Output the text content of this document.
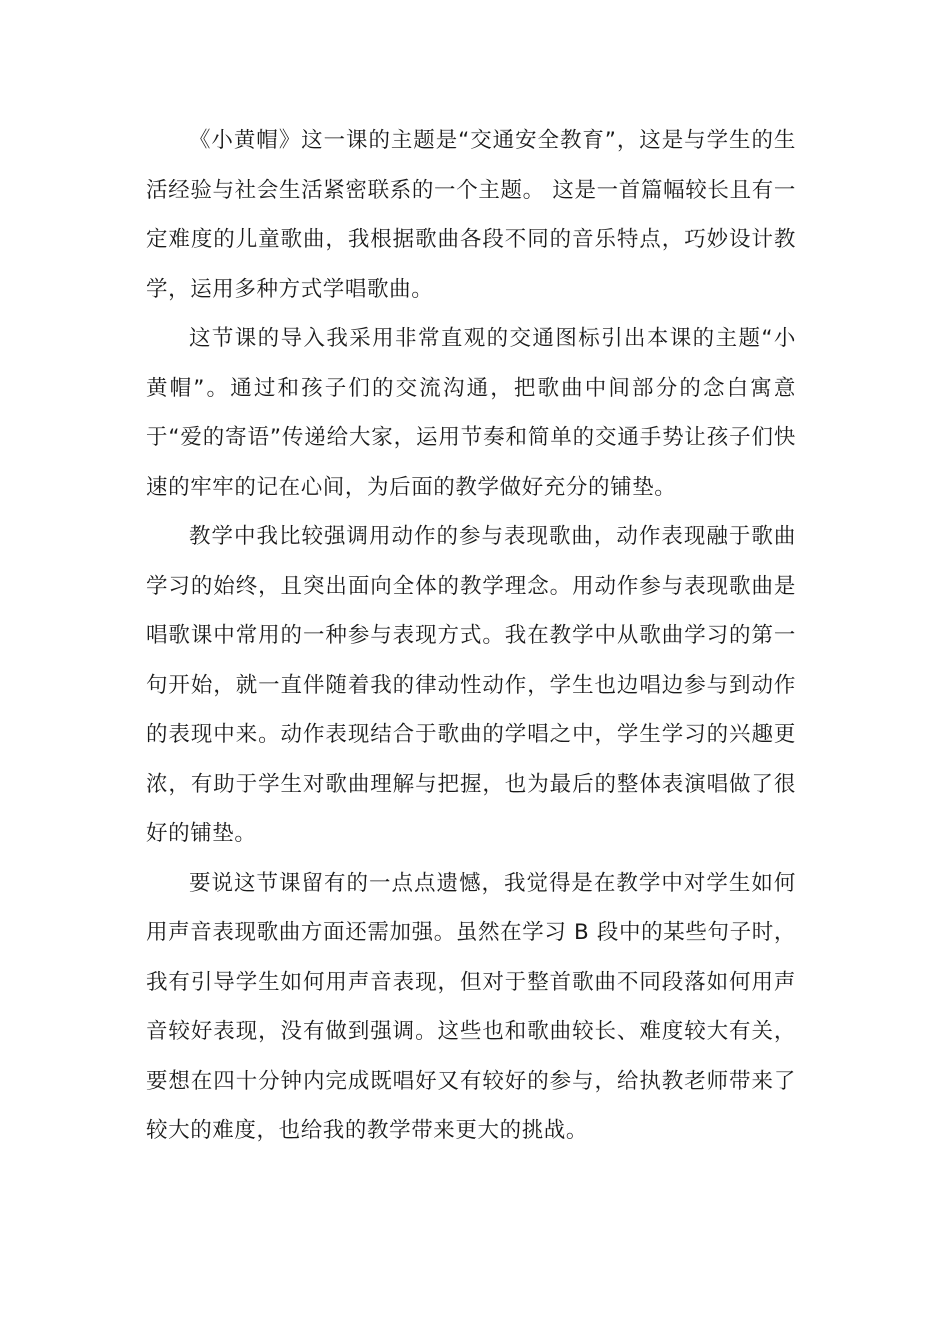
《小黄帽》这一课的主题是“交通安全教育”，这是与学生的生活经验与社会生活紧密联系的一个主题。 这是一首篇幅较长且有一定难度的儿童歌曲，我根据歌曲各段不同的音乐特点，巧妙设计教学，运用多种方式学唱歌曲。

这节课的导入我采用非常直观的交通图标引出本课的主题“小黄帽”。通过和孩子们的交流沟通，把歌曲中间部分的念白寓意于“爱的寄语”传递给大家，运用节奏和简单的交通手势让孩子们快速的牢牢的记在心间，为后面的教学做好充分的铺垫。

教学中我比较强调用动作的参与表现歌曲，动作表现融于歌曲学习的始终，且突出面向全体的教学理念。用动作参与表现歌曲是唱歌课中常用的一种参与表现方式。我在教学中从歌曲学习的第一句开始，就一直伴随着我的律动性动作，学生也边唱边参与到动作的表现中来。动作表现结合于歌曲的学唱之中，学生学习的兴趣更浓，有助于学生对歌曲理解与把握，也为最后的整体表演唱做了很好的铺垫。

要说这节课留有的一点点遗憾，我觉得是在教学中对学生如何用声音表现歌曲方面还需加强。虽然在学习 B 段中的某些句子时，我有引导学生如何用声音表现，但对于整首歌曲不同段落如何用声音较好表现，没有做到强调。这些也和歌曲较长、难度较大有关，要想在四十分钟内完成既唱好又有较好的参与，给执教老师带来了较大的难度，也给我的教学带来更大的挑战。
